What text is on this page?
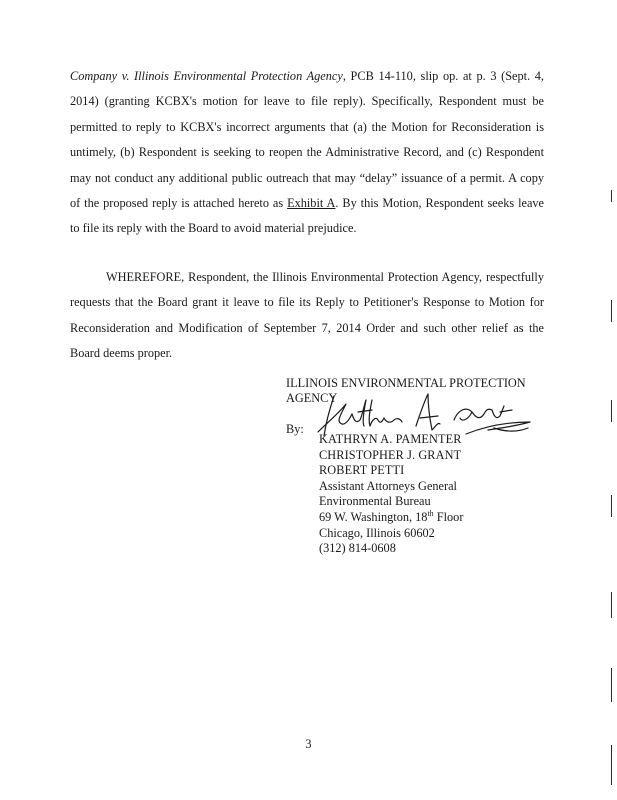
Company v. Illinois Environmental Protection Agency, PCB 14-110, slip op. at p. 3 (Sept. 4, 2014) (granting KCBX's motion for leave to file reply). Specifically, Respondent must be permitted to reply to KCBX's incorrect arguments that (a) the Motion for Reconsideration is untimely, (b) Respondent is seeking to reopen the Administrative Record, and (c) Respondent may not conduct any additional public outreach that may “delay” issuance of a permit. A copy of the proposed reply is attached hereto as Exhibit A. By this Motion, Respondent seeks leave to file its reply with the Board to avoid material prejudice.

WHEREFORE, Respondent, the Illinois Environmental Protection Agency, respectfully requests that the Board grant it leave to file its Reply to Petitioner's Response to Motion for Reconsideration and Modification of September 7, 2014 Order and such other relief as the Board deems proper.

ILLINOIS ENVIRONMENTAL PROTECTION
AGENCY
By:
KATHRYN A. PAMENTER
CHRISTOPHER J. GRANT
ROBERT PETTI
Assistant Attorneys General
Environmental Bureau
69 W. Washington, 18th Floor
Chicago, Illinois 60602
(312) 814-0608
3
